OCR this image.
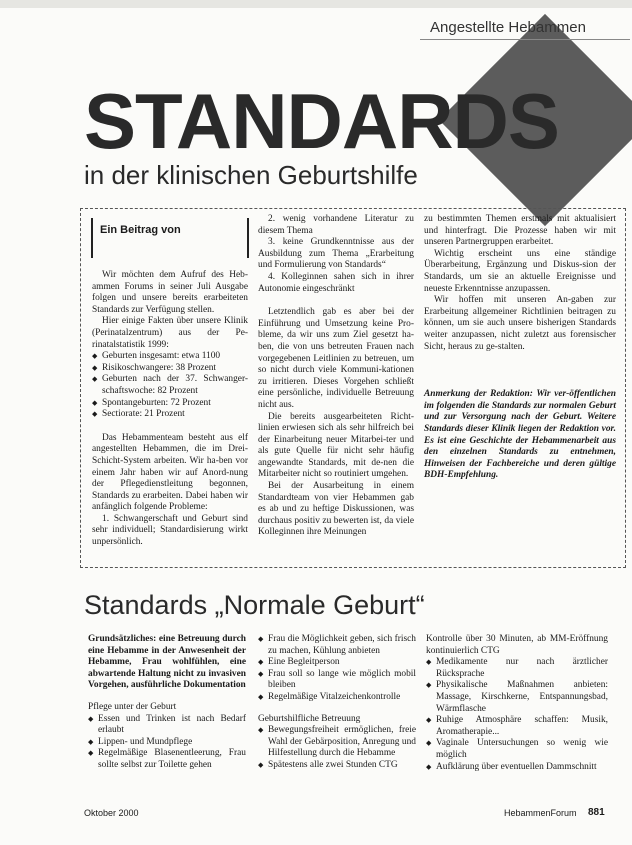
Angestellte Hebammen
STANDARDS
in der klinischen Geburtshilfe
Ein Beitrag von

Wir möchten dem Aufruf des Heb-ammen Forums in seiner Juli Ausgabe folgen und unsere bereits erarbeiteten Standards zur Verfügung stellen.

Hier einige Fakten über unsere Klinik (Perinatalzentrum) aus der Pe-rinatalstatistik 1999:

◆ Geburten insgesamt: etwa 1100
◆ Risikoschwangere: 38 Prozent
◆ Geburten nach der 37. Schwanger-schaftswoche: 82 Prozent
◆ Spontangeburten: 72 Prozent
◆ Sectiorate: 21 Prozent

Das Hebammenteam besteht aus elf angestellten Hebammen, die im Drei-Schicht-System arbeiten. Wir ha-ben vor einem Jahr haben wir auf Anord-nung der Pflegedienstleitung begonnen, Standards zu erarbeiten. Dabei haben wir anfänglich folgende Probleme:

1. Schwangerschaft und Geburt sind sehr individuell; Standardisierung wirkt unpersönlich.

2. wenig vorhandene Literatur zu diesem Thema

3. keine Grundkenntnisse aus der Ausbildung zum Thema „Erarbeitung und Formulierung von Standards“

4. Kolleginnen sahen sich in ihrer Autonomie eingeschränkt

Letztendlich gab es aber bei der Einführung und Umsetzung keine Pro-bleme, da wir uns zum Ziel gesetzt ha-ben, die von uns betreuten Frauen nach vorgegebenen Leitlinien zu betreuen, um so nicht durch viele Kommuni-kationen zu irritieren. Dieses Vorgehen schließt eine persönliche, individuelle Betreuung nicht aus.

Die bereits ausgearbeiteten Richt-linien erwiesen sich als sehr hilfreich bei der Einarbeitung neuer Mitarbei-ter und als gute Quelle für nicht sehr häufig angewandte Standards, mit de-nen die Mitarbeiter nicht so routiniert umgehen.

Bei der Ausarbeitung in einem Standardteam von vier Hebammen gab es ab und zu heftige Diskussionen, was durchaus positiv zu bewerten ist, da viele Kolleginnen ihre Meinungen

zu bestimmten Themen erstmals mit aktualisiert und hinterfragt. Die Prozesse haben wir mit unseren Partnergruppen erarbeitet.

Wichtig erscheint uns eine ständige Überarbeitung, Ergänzung und Diskus-sion der Standards, um sie an aktuelle Ereignisse und neueste Erkenntnisse anzupassen.

Wir hoffen mit unseren An-gaben zur Erarbeitung allgemeiner Richtlinien beitragen zu können, um sie auch unsere bisherigen Standards weiter anzupassen, nicht zuletzt aus forensischer Sicht, heraus zu ge-stalten.

Anmerkung der Redaktion: Wir ver-öffentlichen im folgenden die Standards zur normalen Geburt und zur Versorgung nach der Geburt. Weitere Standards dieser Klinik liegen der Redaktion vor. Es ist eine Geschichte der Hebammenarbeit aus den einzelnen Standards zu entnehmen, Hinweisen der Fachbereiche und deren gültige BDH-Empfehlung.

Standards „Normale Geburt“

Grundsätzliches: eine Betreuung durch eine Hebamme in der Anwesenheit der Hebamme, Frau wohlfühlen, eine abwartende Haltung nicht zu invasiven Vorgehen, ausführliche Dokumentation

Pflege unter der Geburt

◆ Essen und Trinken ist nach Bedarf erlaubt
◆ Lippen- und Mundpflege
◆ Regelmäßige Blasenentleerung, Frau sollte selbst zur Toilette gehen
◆ Frau die Möglichkeit geben, sich frisch zu machen, Kühlung anbieten
◆ Eine Begleitperson
◆ Frau soll so lange wie möglich mobil bleiben
◆ Regelmäßige Vitalzeichenkontrolle

Geburtshilfliche Betreuung

◆ Bewegungsfreiheit ermöglichen, freie Wahl der Gebärposition, Anregung und Hilfestellung durch die Hebamme
◆ Spätestens alle zwei Stunden CTG

Kontrolle über 30 Minuten, ab MM-Eröffnung kontinuierlich CTG

◆ Medikamente nur nach ärztlicher Rücksprache
◆ Physikalische Maßnahmen anbieten: Massage, Kirschkerne, Entspannungsbad, Wärmflasche
◆ Ruhige Atmosphäre schaffen: Musik, Aromatherapie...
◆ Vaginale Untersuchungen so wenig wie möglich
◆ Aufklärung über eventuellen Dammschnitt
Oktober 2000	HebammenForum 881
